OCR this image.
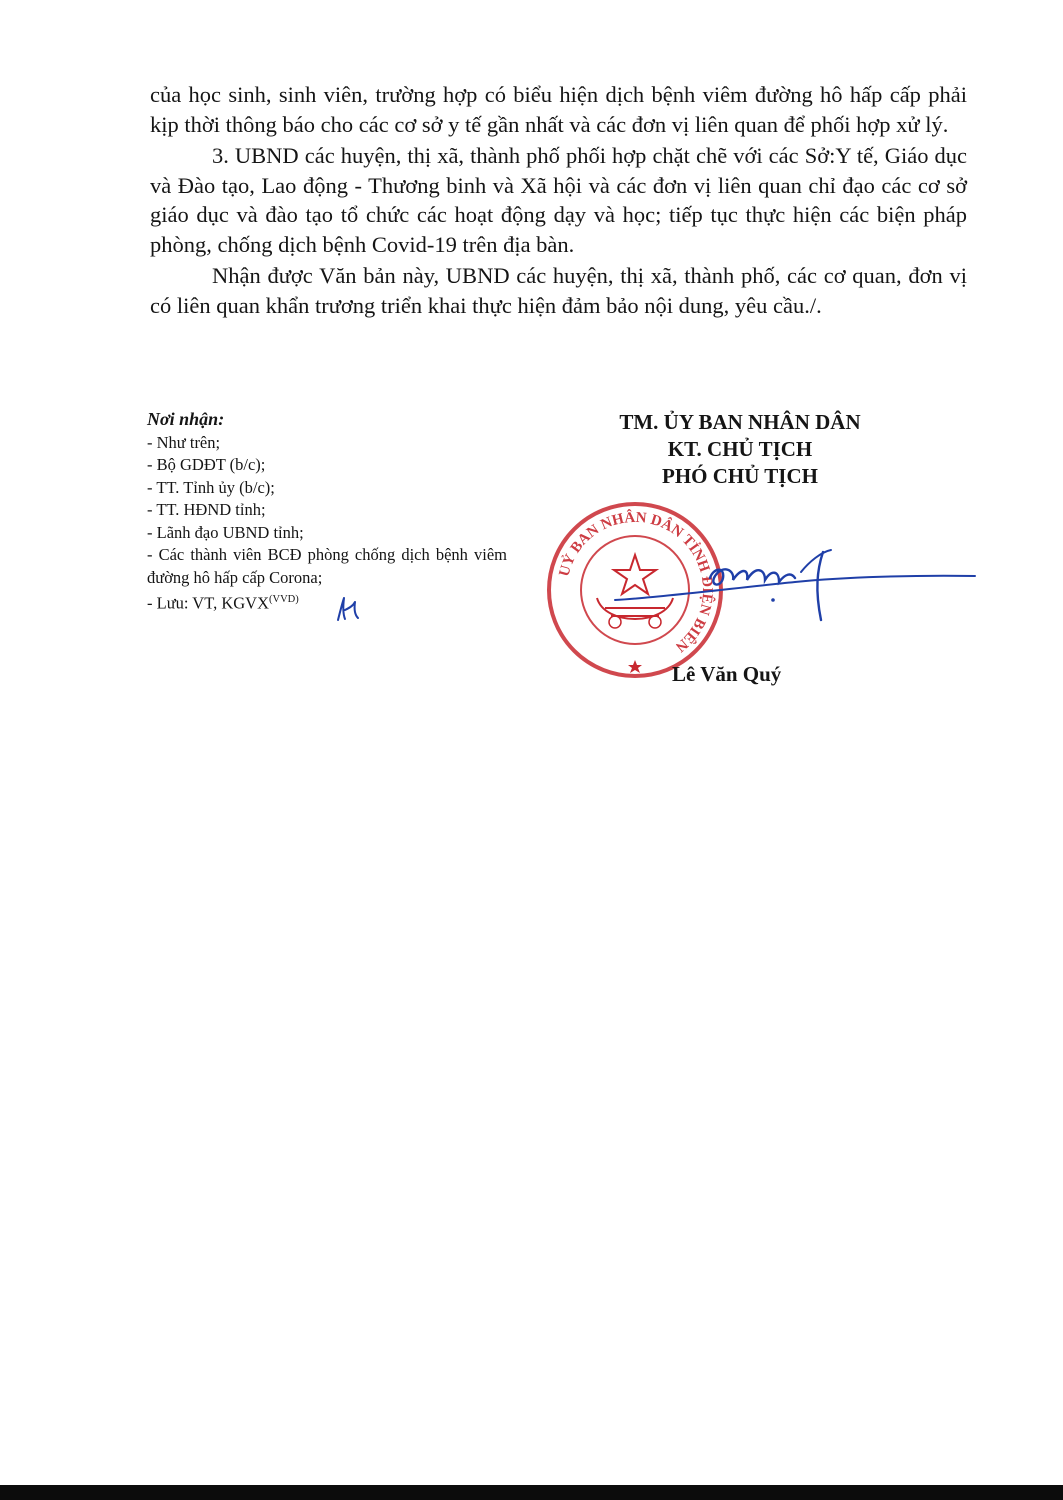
của học sinh, sinh viên, trường hợp có biểu hiện dịch bệnh viêm đường hô hấp cấp phải kịp thời thông báo cho các cơ sở y tế gần nhất và các đơn vị liên quan để phối hợp xử lý.

3. UBND các huyện, thị xã, thành phố phối hợp chặt chẽ với các Sở:Y tế, Giáo dục và Đào tạo, Lao động - Thương binh và Xã hội và các đơn vị liên quan chỉ đạo các cơ sở giáo dục và đào tạo tổ chức các hoạt động dạy và học; tiếp tục thực hiện các biện pháp phòng, chống dịch bệnh Covid-19 trên địa bàn.

Nhận được Văn bản này, UBND các huyện, thị xã, thành phố, các cơ quan, đơn vị có liên quan khẩn trương triển khai thực hiện đảm bảo nội dung, yêu cầu./.

Nơi nhận:
- Như trên;
- Bộ GDĐT (b/c);
- TT. Tỉnh ủy (b/c);
- TT. HĐND tỉnh;
- Lãnh đạo UBND tỉnh;
- Các thành viên BCĐ phòng chống dịch bệnh viêm đường hô hấp cấp Corona;
- Lưu: VT, $KGVX^{(VVD)}$
TM. ỦY BAN NHÂN DÂN
KT. CHỦ TỊCH
PHÓ CHỦ TỊCH
UỶ BAN NHÂN DÂN TỈNH ĐIỆN BIÊN
Lê Văn Quý
